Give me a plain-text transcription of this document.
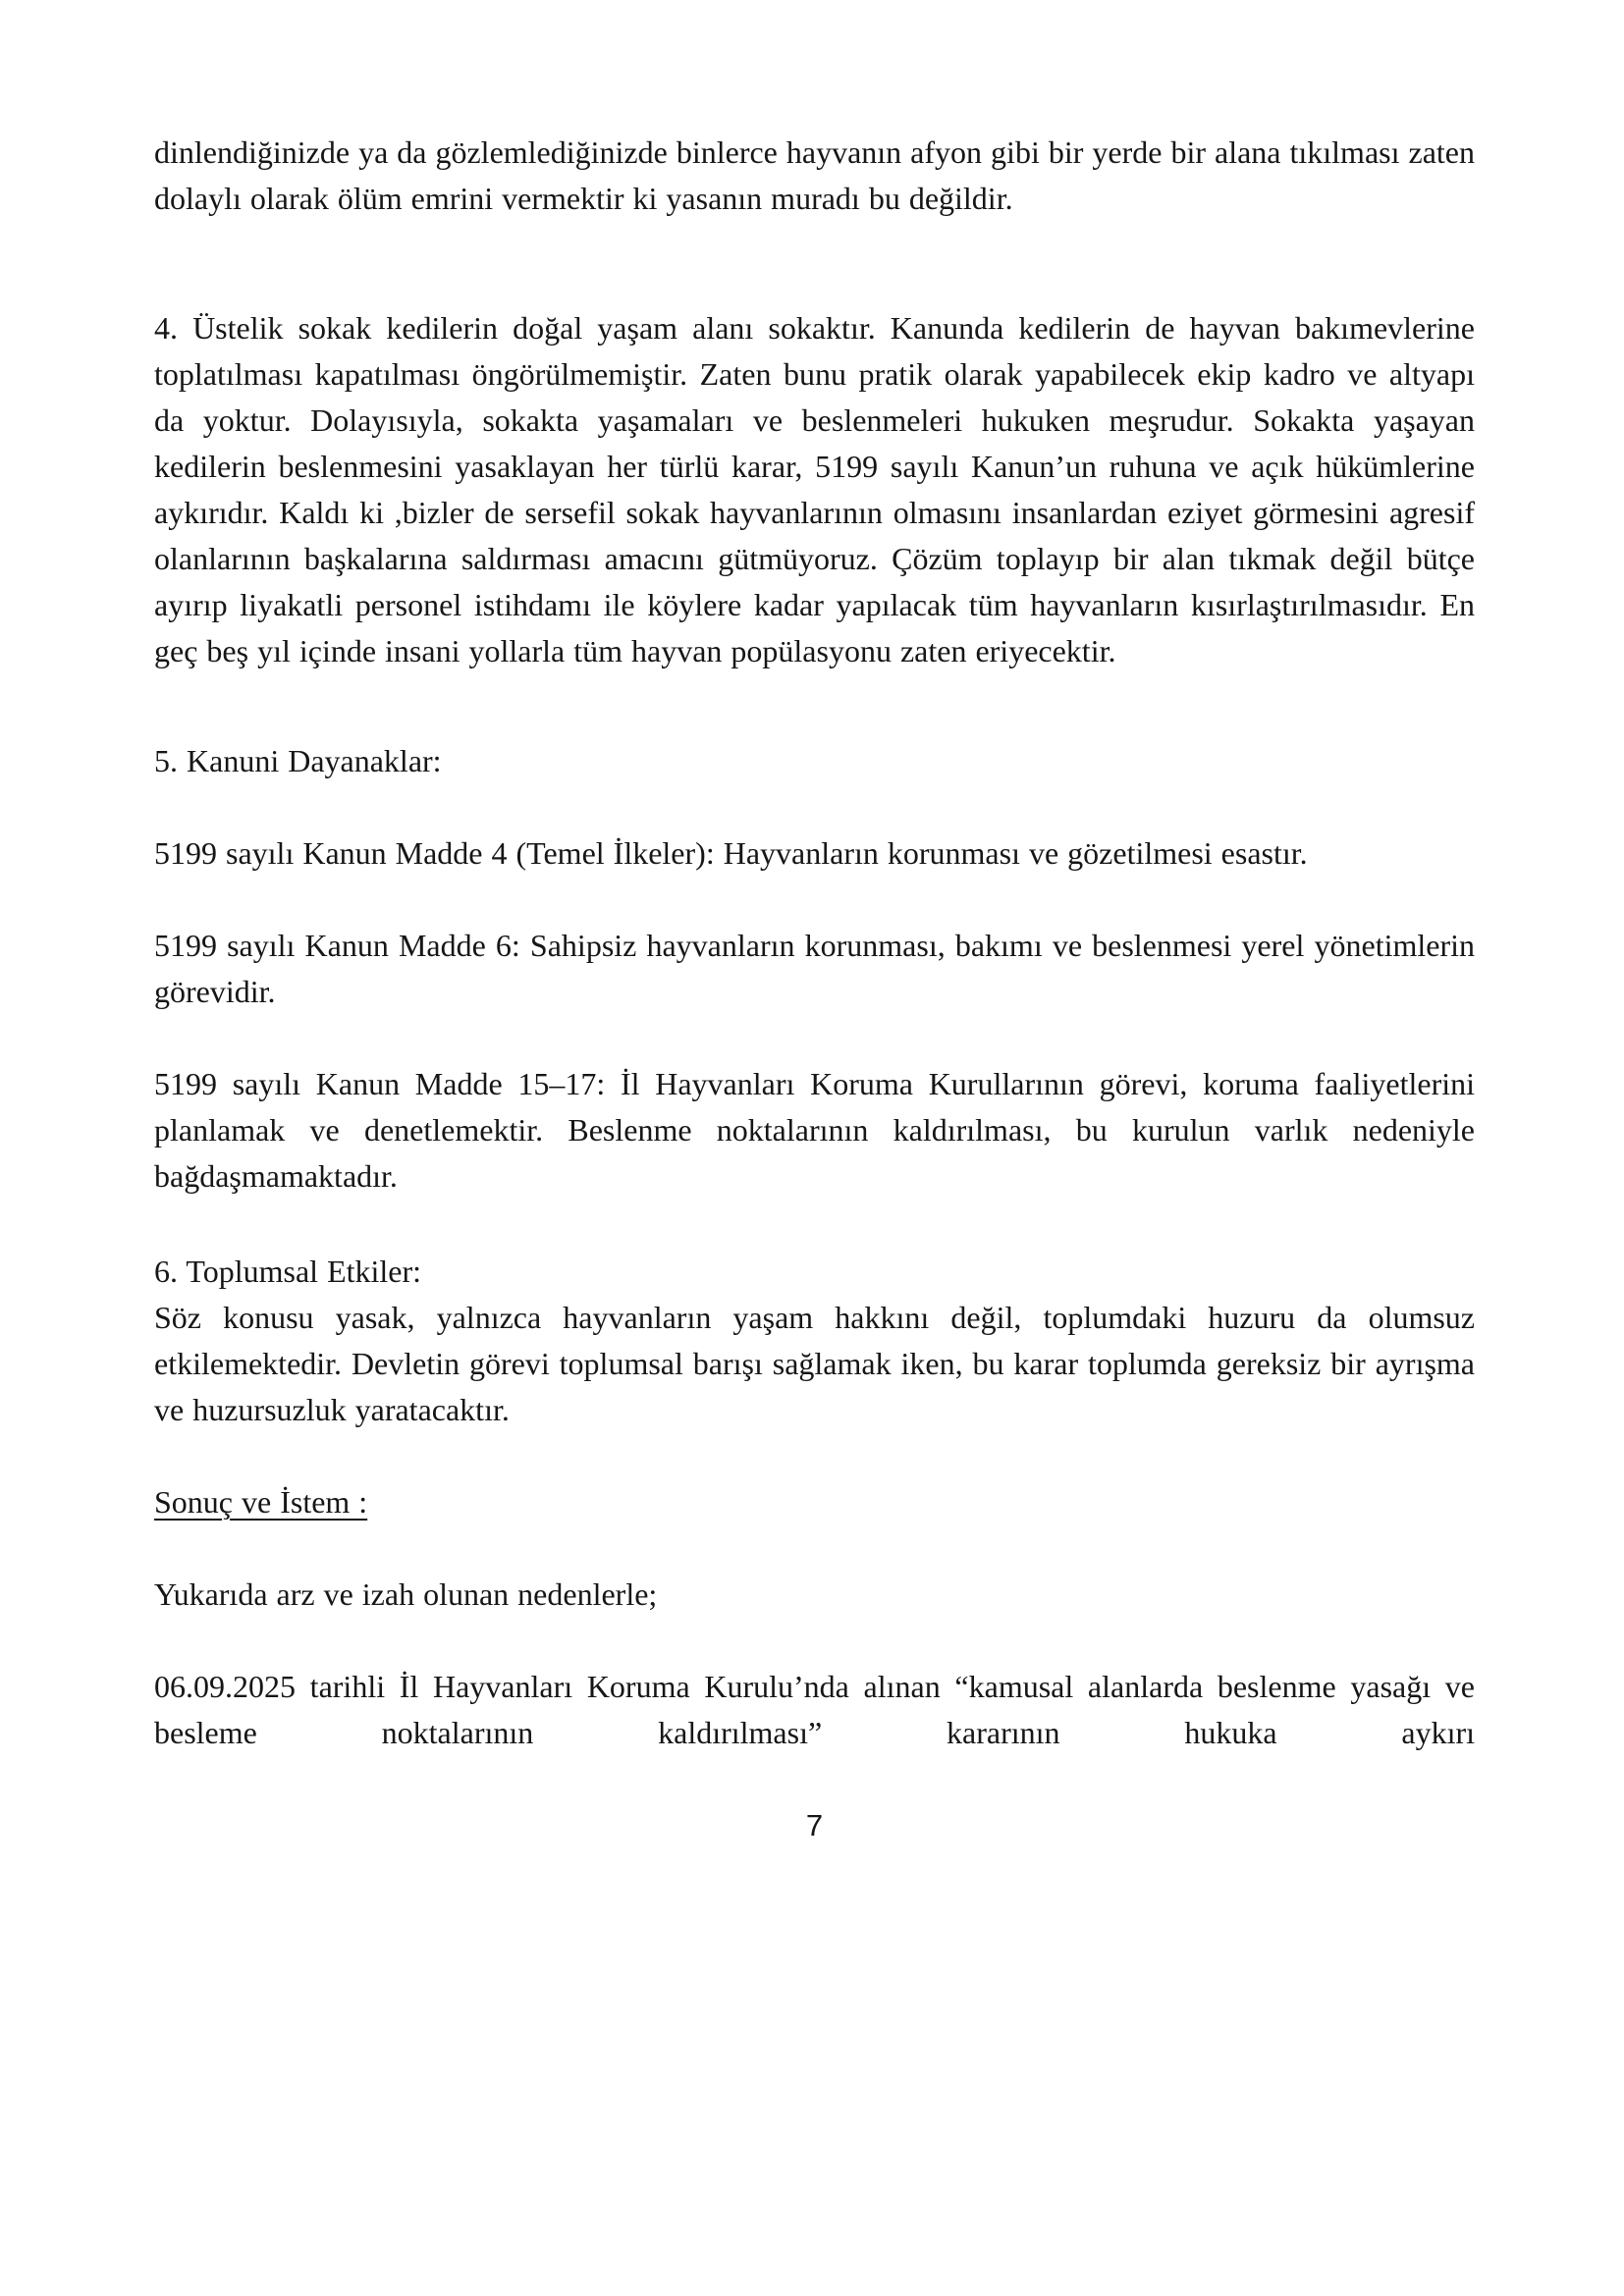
dinlendiğinizde ya da gözlemlediğinizde binlerce hayvanın afyon gibi bir yerde bir alana tıkılması zaten dolaylı olarak ölüm emrini vermektir ki yasanın muradı bu değildir.

4. Üstelik sokak kedilerin doğal yaşam alanı sokaktır. Kanunda kedilerin de hayvan bakımevlerine toplatılması kapatılması öngörülmemiştir. Zaten bunu pratik olarak yapabilecek ekip kadro ve altyapı da yoktur. Dolayısıyla, sokakta yaşamaları ve beslenmeleri hukuken meşrudur. Sokakta yaşayan kedilerin beslenmesini yasaklayan her türlü karar, 5199 sayılı Kanun’un ruhuna ve açık hükümlerine aykırıdır. Kaldı ki ,bizler de sersefil sokak hayvanlarının olmasını insanlardan eziyet görmesini agresif olanlarının başkalarına saldırması amacını gütmüyoruz. Çözüm toplayıp bir alan tıkmak değil bütçe ayırıp liyakatli personel istihdamı ile köylere kadar yapılacak tüm hayvanların kısırlaştırılmasıdır. En geç beş yıl içinde insani yollarla tüm hayvan popülasyonu zaten eriyecektir.

5. Kanuni Dayanaklar:

5199 sayılı Kanun Madde 4 (Temel İlkeler): Hayvanların korunması ve gözetilmesi esastır.

5199 sayılı Kanun Madde 6: Sahipsiz hayvanların korunması, bakımı ve beslenmesi yerel yönetimlerin görevidir.

5199 sayılı Kanun Madde 15–17: İl Hayvanları Koruma Kurullarının görevi, koruma faaliyetlerini planlamak ve denetlemektir. Beslenme noktalarının kaldırılması, bu kurulun varlık nedeniyle bağdaşmamaktadır.

6. Toplumsal Etkiler:

Söz konusu yasak, yalnızca hayvanların yaşam hakkını değil, toplumdaki huzuru da olumsuz etkilemektedir. Devletin görevi toplumsal barışı sağlamak iken, bu karar toplumda gereksiz bir ayrışma ve huzursuzluk yaratacaktır.

Sonuç ve İstem :

Yukarıda arz ve izah olunan nedenlerle;

06.09.2025 tarihli İl Hayvanları Koruma Kurulu’nda alınan “kamusal alanlarda beslenme yasağı ve besleme noktalarının kaldırılması” kararının hukuka aykırı

7
